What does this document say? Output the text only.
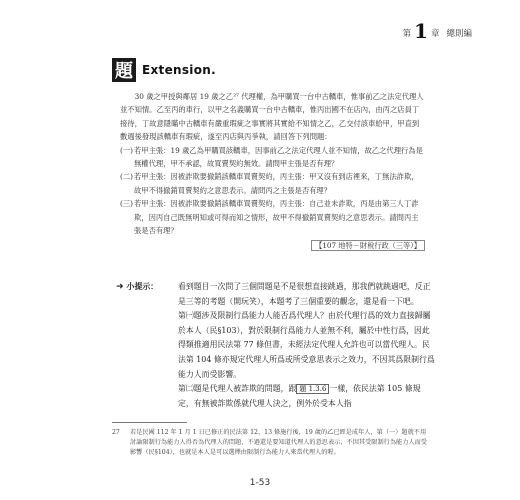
第 1 章 總則編
題 Extension.

30 歲之甲授與鄰居 19 歲之乙²⁷ 代理權，為甲購買一台中古轎車，惟事前乙之法定代理人並不知情。乙至丙的車行，以甲之名義購買一台中古轎車，惟丙出國不在店內，由丙之店員丁接待，丁故意隱瞞中古轎車有嚴重瑕疵之事實將其實給不知情之乙，乙交付該車給甲，甲直到數週後發現該轎車有瑕疵，遂至丙店與丙爭執，請回答下列問題：

(一) 若甲主張：19 歲乙為甲購買該轎車，因事前乙之法定代理人並不知情，故乙之代理行為是無權代理，甲不承認，故買賣契約無效。請問甲主張是否有理？
(二) 若甲主張：因被詐欺要撤銷該轎車買賣契約，丙主張：甲又沒有到店裡來，丁無法詐欺，故甲不得撤銷買賣契約之意思表示。請問丙之主張是否有理？
(三) 若甲主張：因被詐欺要撤銷該轎車買賣契約，丙主張：自己並未詐欺，丙是由第三人丁詐欺，因丙自己既無明知或可得而知之情形，故甲不得撤銷買賣契約之意思表示。請問丙主張是否有理？
【107 地特－財稅行政（三等）】
➜ 小提示：	看到題目一次問了三個問題是不是很想直接跳過，那我們就跳過吧，反正是三等的考題（開玩笑），本題考了三個重要的觀念，還是看一下吧。

第㈠題涉及限制行爲能力人能否爲代理人？由於代理行爲的效力直接歸屬於本人（民§103），對於限制行爲能力人並無不利，屬於中性行爲，因此得類推適用民法第 77 條但書，未經法定代理人允許也可以當代理人。民法第 104 條亦規定代理人所爲或所受意思表示之效力，不因其爲限制行爲能力人而受影響。

第㈡題是代理人被詐欺的問題，跟 題 1.3.6 一樣，依民法第 105 條規定，有無被詐欺係就代理人決之，例外於受本人指

27	若是民國 112 年 1 月 1 日已修正的民法第 12、13 條施行後，19 歲的乙已經是成年人，第（一）題就不用討論限制行為能力人得否為代理人的問題，不過還是要知道代理人的意思表示，不因其受限制行為能力人而受影響（民§104），也就是本人是可以選擇由限制行為能力人來當代理人的喔。
1-53
